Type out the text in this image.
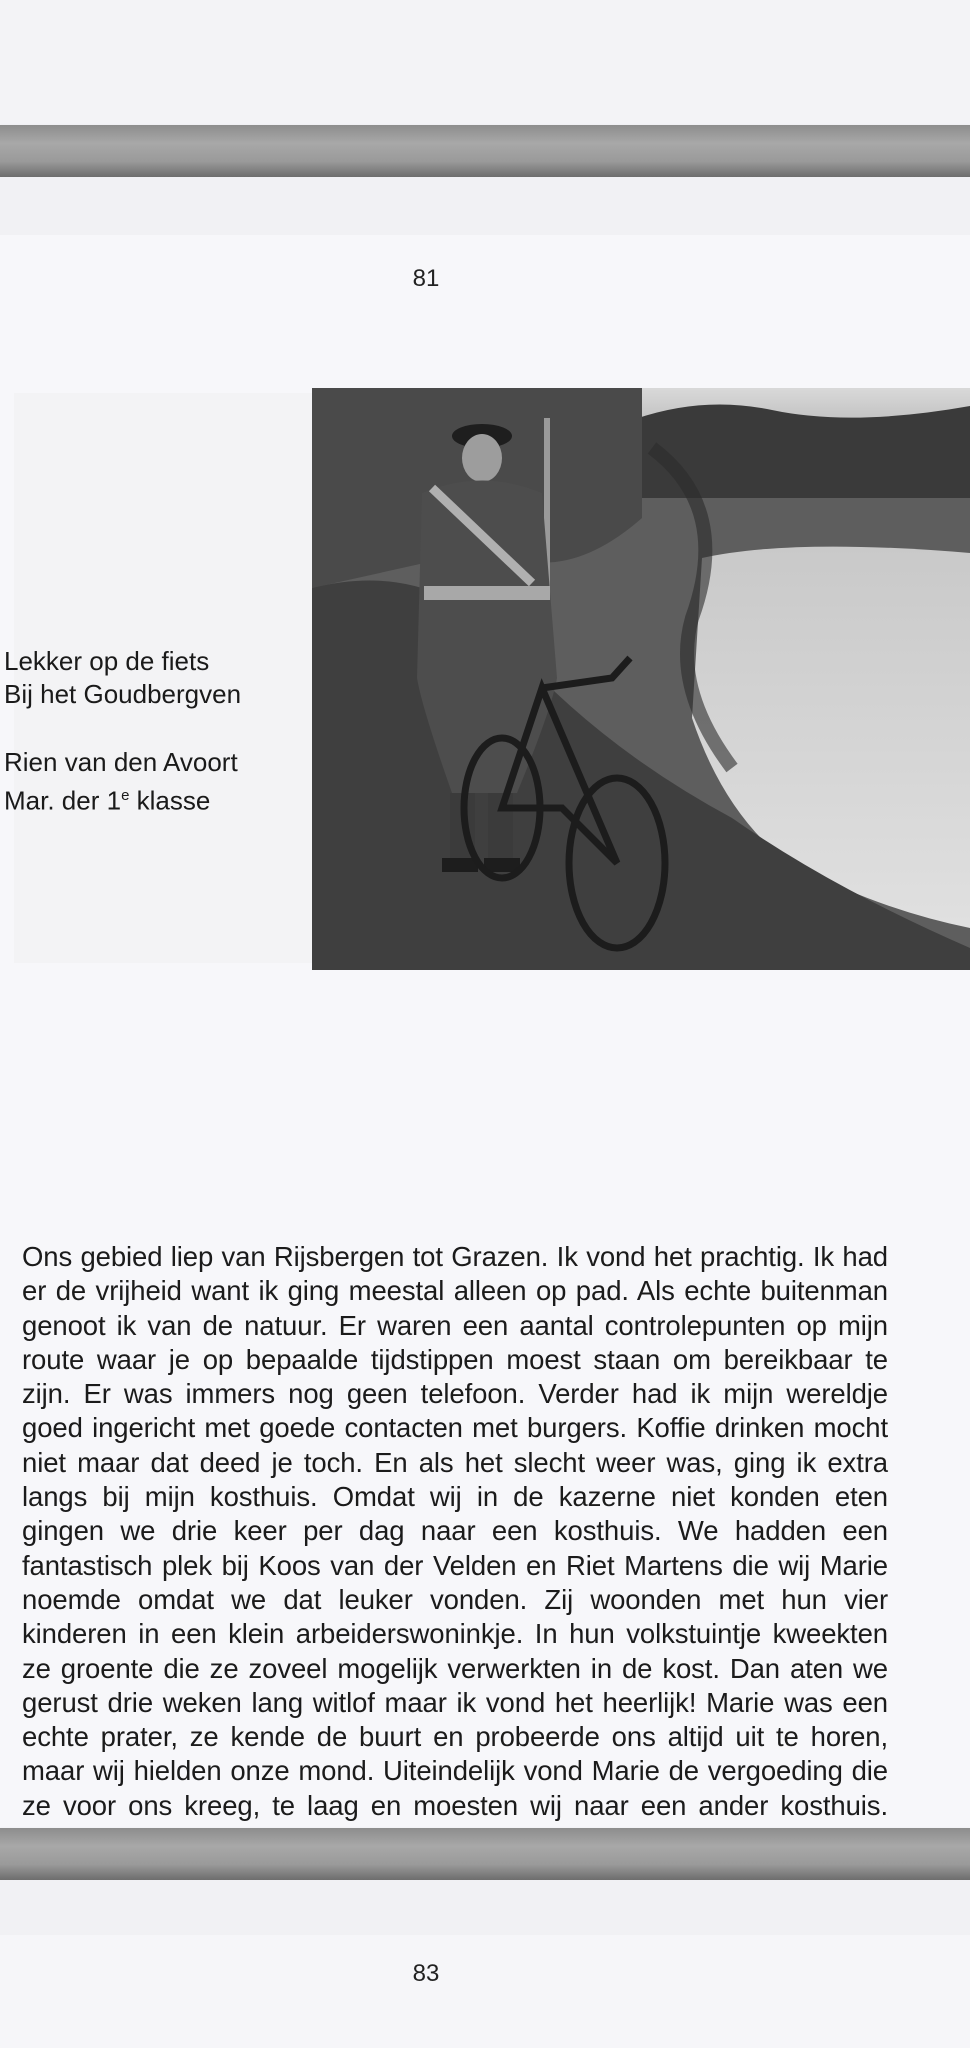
81
Lekker op de fiets
Bij het Goudbergven
Rien van den Avoort
Mar. der 1e klasse
Ons gebied liep van Rijsbergen tot Grazen. Ik vond het prachtig. Ik had er de vrijheid want ik ging meestal alleen op pad. Als echte buitenman genoot ik van de natuur. Er waren een aantal controlepunten op mijn route waar je op bepaalde tijdstippen moest staan om bereikbaar te zijn. Er was immers nog geen telefoon. Verder had ik mijn wereldje goed ingericht met goede contacten met burgers. Koffie drinken mocht niet maar dat deed je toch. En als het slecht weer was, ging ik extra langs bij mijn kosthuis. Omdat wij in de kazerne niet konden eten gingen we drie keer per dag naar een kosthuis. We hadden een fantastisch plek bij Koos van der Velden en Riet Martens die wij Marie noemde omdat we dat leuker vonden. Zij woonden met hun vier kinderen in een klein arbeiderswoninkje. In hun volkstuintje kweekten ze groente die ze zoveel mogelijk verwerkten in de kost. Dan aten we gerust drie weken lang witlof maar ik vond het heerlijk! Marie was een echte prater, ze kende de buurt en probeerde ons altijd uit te horen, maar wij hielden onze mond. Uiteindelijk vond Marie de vergoeding die ze voor ons kreeg, te laag en moesten wij naar een ander kosthuis.
83
